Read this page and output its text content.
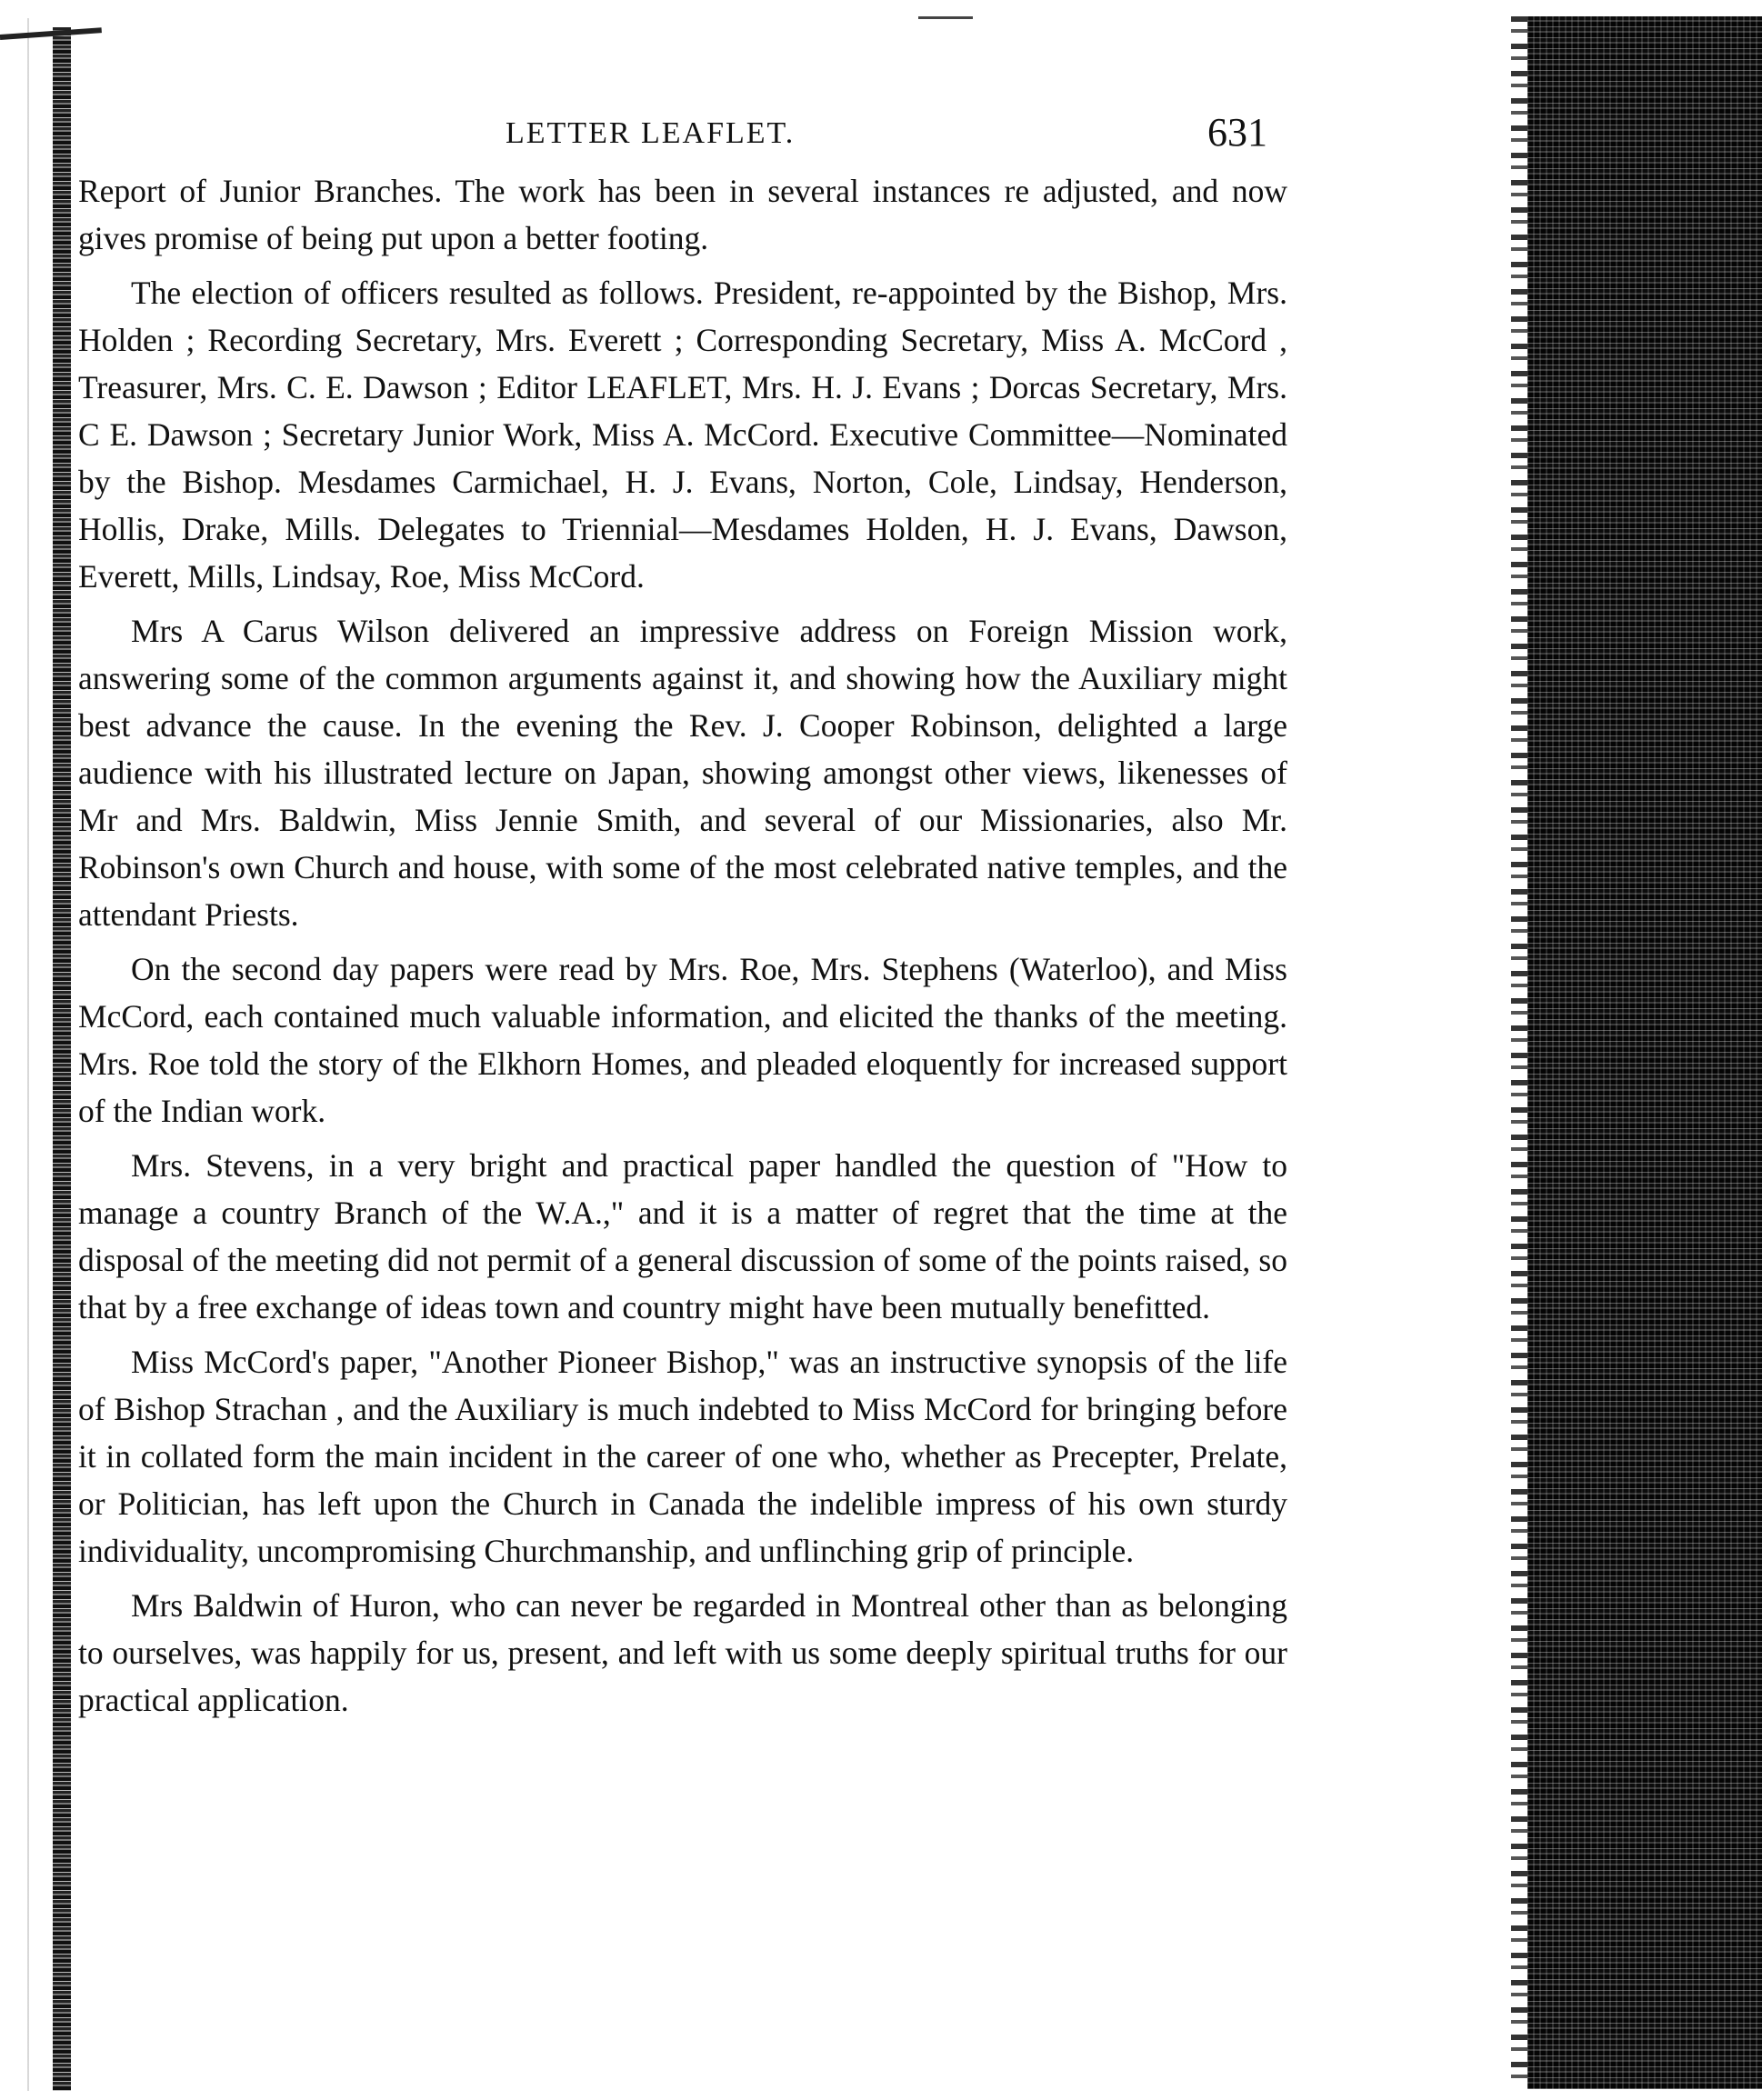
LETTER LEAFLET.	631

Report of Junior Branches. The work has been in several instances re adjusted, and now gives promise of being put upon a better footing.

The election of officers resulted as follows. President, re-appointed by the Bishop, Mrs. Holden ; Recording Secretary, Mrs. Everett ; Corresponding Secretary, Miss A. McCord , Treasurer, Mrs. C. E. Dawson ; Editor LEAFLET, Mrs. H. J. Evans ; Dorcas Secretary, Mrs. C E. Dawson ; Secretary Junior Work, Miss A. McCord. Executive Committee—Nominated by the Bishop. Mesdames Carmichael, H. J. Evans, Norton, Cole, Lindsay, Henderson, Hollis, Drake, Mills. Delegates to Triennial—Mesdames Holden, H. J. Evans, Dawson, Everett, Mills, Lindsay, Roe, Miss McCord.

Mrs A Carus Wilson delivered an impressive address on Foreign Mission work, answering some of the common arguments against it, and showing how the Auxiliary might best advance the cause. In the evening the Rev. J. Cooper Robinson, delighted a large audience with his illustrated lecture on Japan, showing amongst other views, likenesses of Mr and Mrs. Baldwin, Miss Jennie Smith, and several of our Missionaries, also Mr. Robinson's own Church and house, with some of the most celebrated native temples, and the attendant Priests.

On the second day papers were read by Mrs. Roe, Mrs. Stephens (Waterloo), and Miss McCord, each contained much valuable information, and elicited the thanks of the meeting. Mrs. Roe told the story of the Elkhorn Homes, and pleaded eloquently for increased support of the Indian work.

Mrs. Stevens, in a very bright and practical paper handled the question of "How to manage a country Branch of the W.A.," and it is a matter of regret that the time at the disposal of the meeting did not permit of a general discussion of some of the points raised, so that by a free exchange of ideas town and country might have been mutually benefitted.

Miss McCord's paper, "Another Pioneer Bishop," was an instructive synopsis of the life of Bishop Strachan , and the Auxiliary is much indebted to Miss McCord for bringing before it in collated form the main incident in the career of one who, whether as Precepter, Prelate, or Politician, has left upon the Church in Canada the indelible impress of his own sturdy individuality, uncompromising Churchmanship, and unflinching grip of principle.

Mrs Baldwin of Huron, who can never be regarded in Montreal other than as belonging to ourselves, was happily for us, present, and left with us some deeply spiritual truths for our practical application.
